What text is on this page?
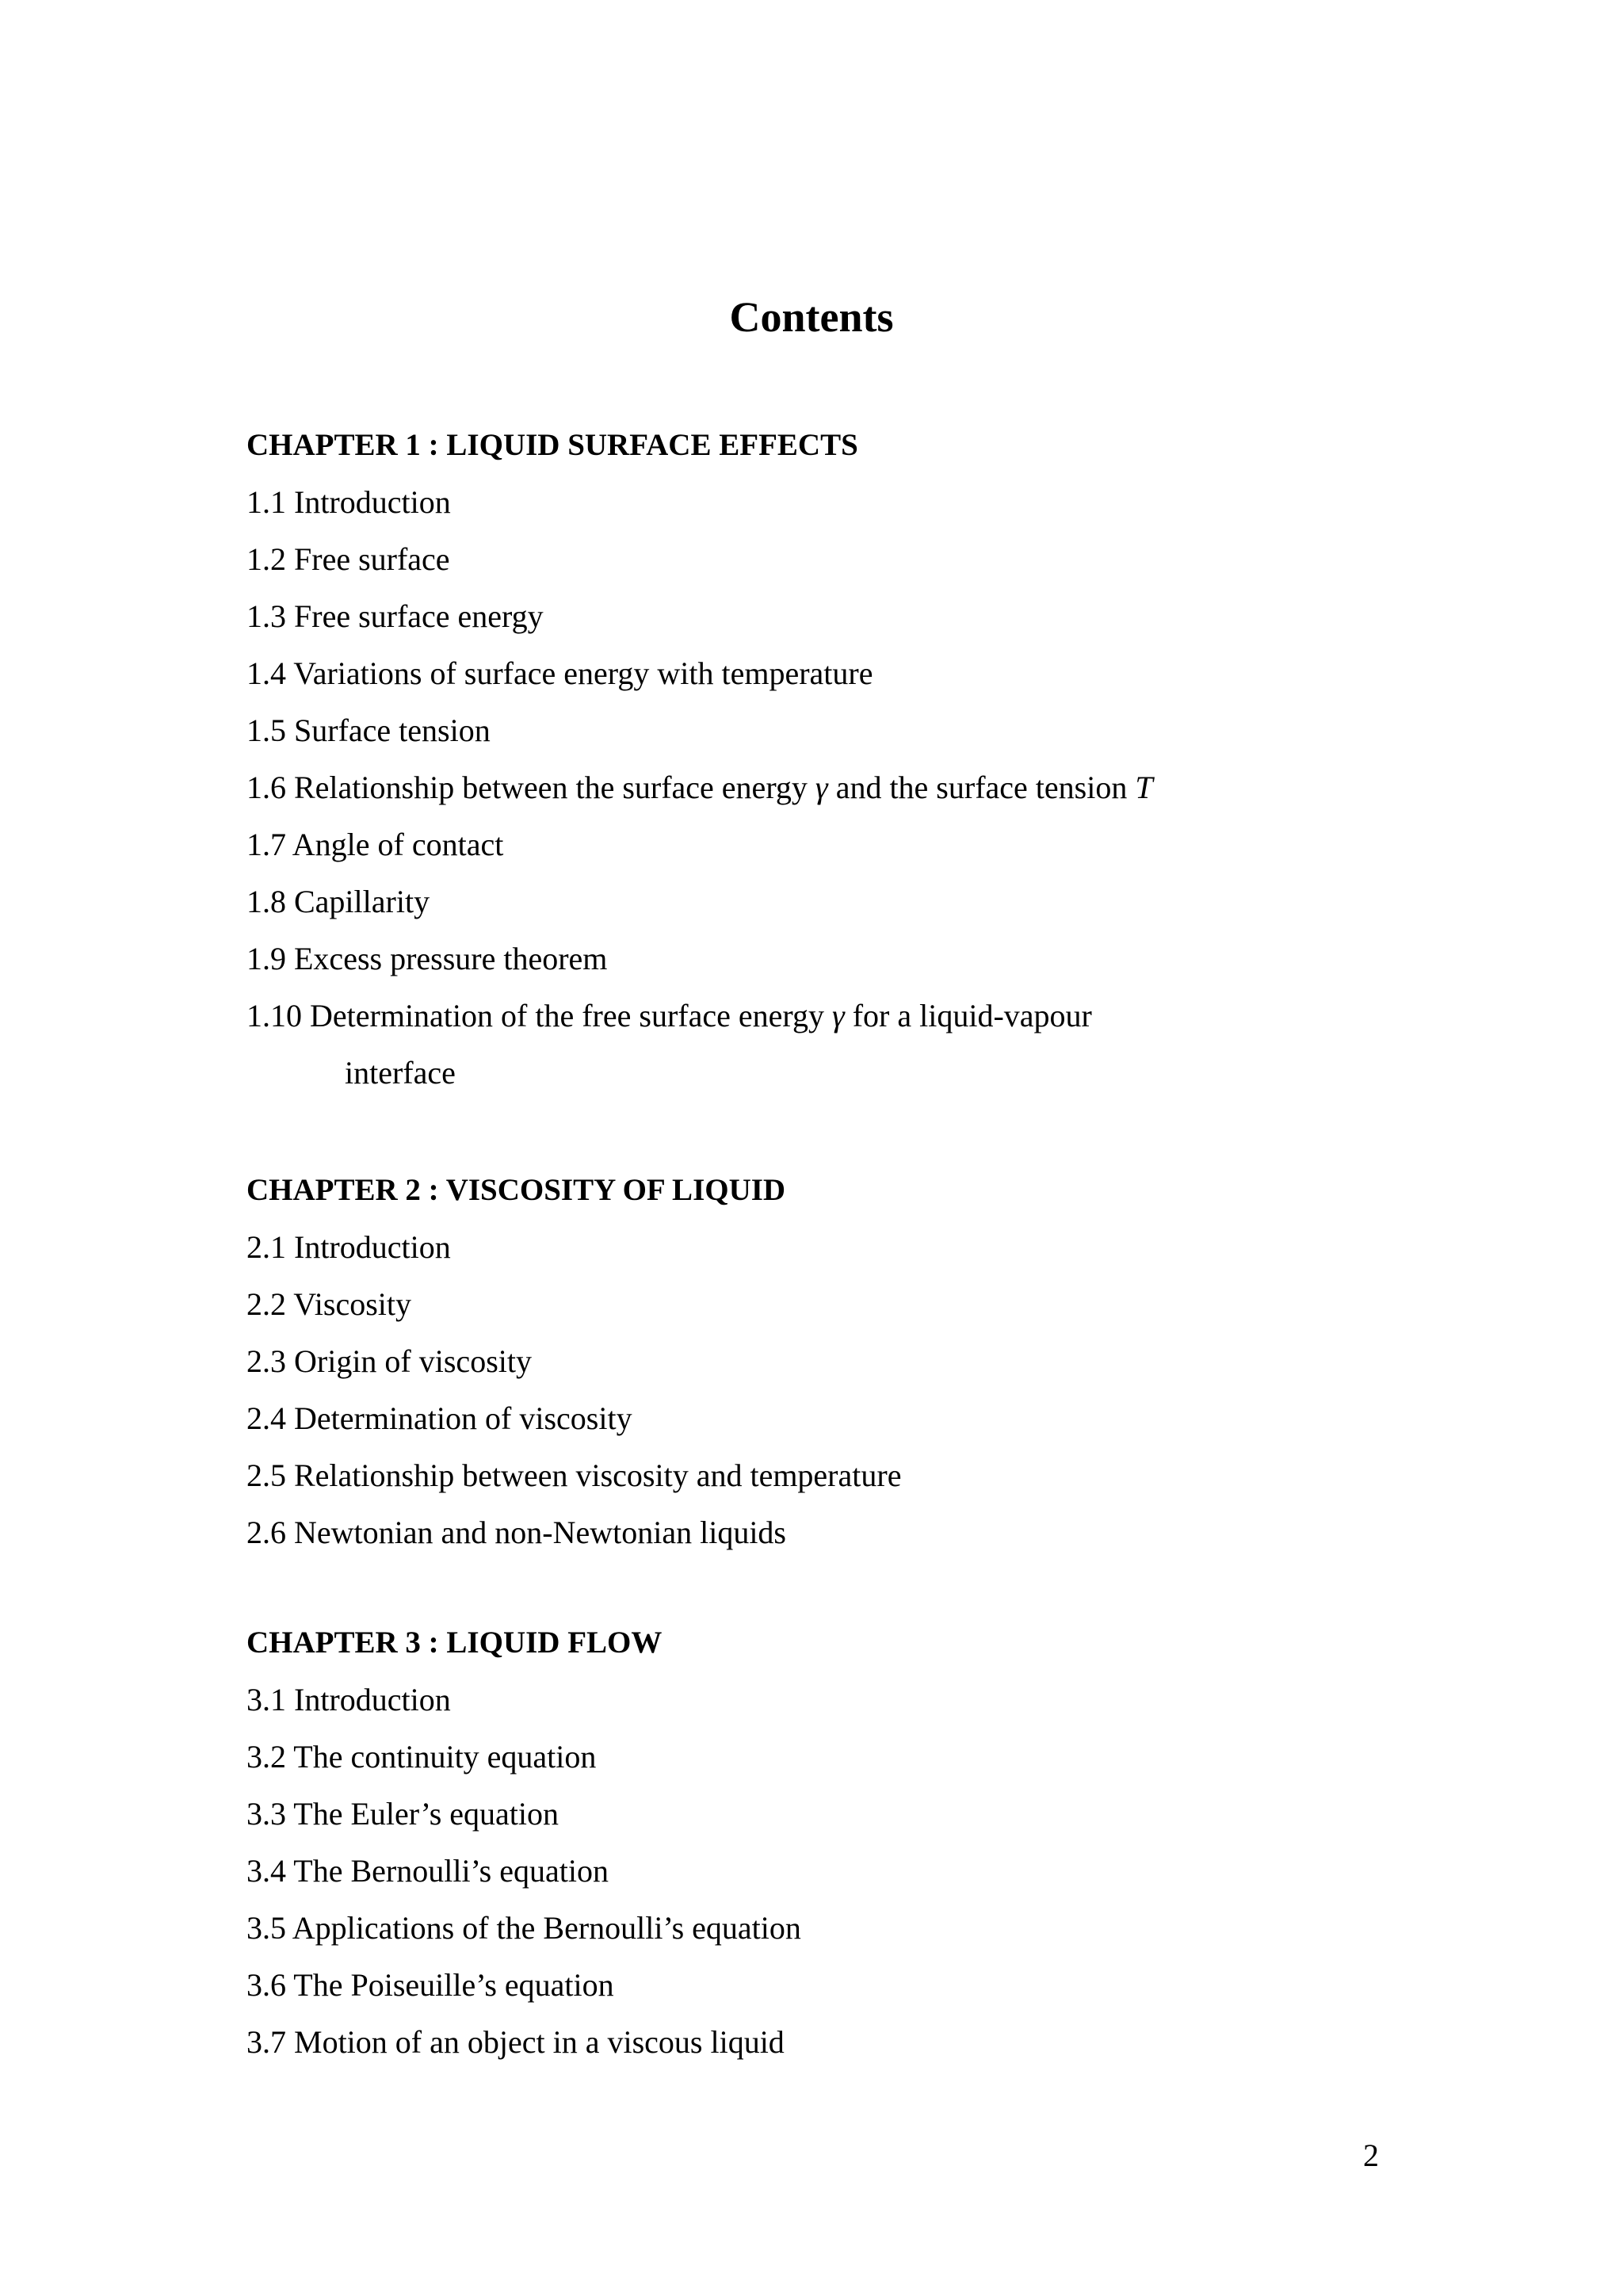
Contents
CHAPTER 1 : LIQUID SURFACE EFFECTS
1.1 Introduction
1.2 Free surface
1.3 Free surface energy
1.4 Variations of surface energy with temperature
1.5 Surface tension
1.6 Relationship between the surface energy γ and the surface tension T
1.7 Angle of contact
1.8 Capillarity
1.9 Excess pressure theorem
1.10 Determination of the free surface energy γ for a liquid-vapour
interface
CHAPTER 2 : VISCOSITY OF LIQUID
2.1 Introduction
2.2 Viscosity
2.3 Origin of viscosity
2.4 Determination of viscosity
2.5 Relationship between viscosity and temperature
2.6 Newtonian and non-Newtonian liquids
CHAPTER 3 : LIQUID FLOW
3.1 Introduction
3.2 The continuity equation
3.3 The Euler’s equation
3.4 The Bernoulli’s equation
3.5 Applications of the Bernoulli’s equation
3.6 The Poiseuille’s equation
3.7 Motion of an object in a viscous liquid
2
